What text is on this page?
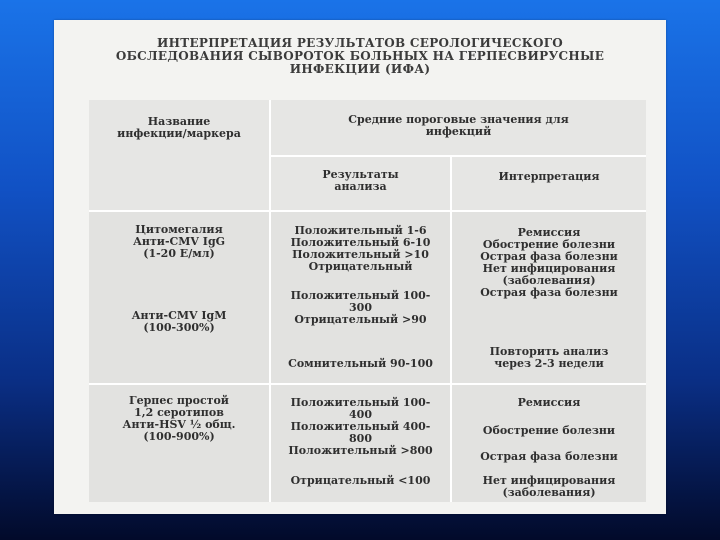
ИНТЕРПРЕТАЦИЯ РЕЗУЛЬТАТОВ СЕРОЛОГИЧЕСКОГО
ОБСЛЕДОВАНИЯ СЫВОРОТОК БОЛЬНЫХ НА ГЕРПЕСВИРУСНЫЕ
ИНФЕКЦИИ (ИФА)
Название
инфекции/маркера
Средние пороговые значения для
инфекций
Результаты
анализа
Интерпретация
Цитомегалия
Анти-CMV IgG
(1-20 Е/мл)
Анти-CMV IgM
(100-300%)
Положительный 1-6
Положительный 6-10
Положительный >10
Отрицательный
Положительный 100-
300
Отрицательный >90
Сомнительный 90-100
Ремиссия
Обострение болезни
Острая фаза болезни
Нет инфицирования
(заболевания)
Острая фаза болезни
Повторить анализ
через 2-3 недели
Герпес простой
1,2 серотипов
Анти-HSV ½ общ.
(100-900%)
Положительный 100-
400
Положительный 400-
800
Положительный >800
Отрицательный <100
Ремиссия
Обострение болезни
Острая фаза болезни
Нет инфицирования
(заболевания)
